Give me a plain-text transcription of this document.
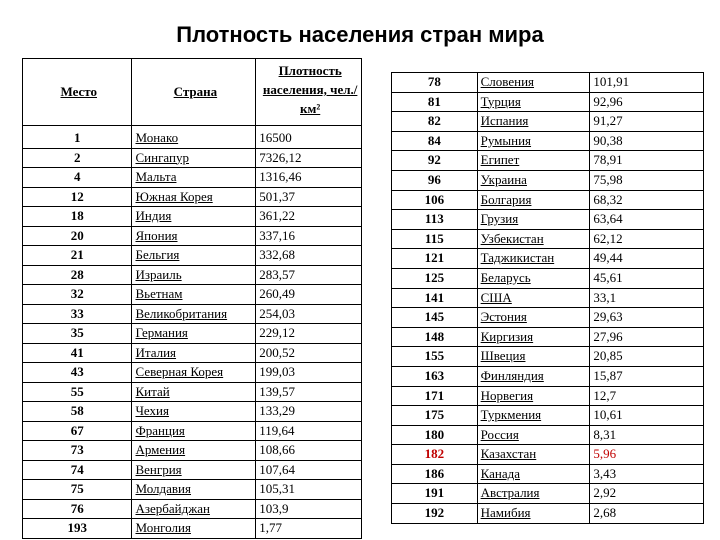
Плотность населения стран мира
Место	Страна	Плотность населения, чел./км²
1	Монако	16500
2	Сингапур	7326,12
4	Мальта	1316,46
12	Южная Корея	501,37
18	Индия	361,22
20	Япония	337,16
21	Бельгия	332,68
28	Израиль	283,57
32	Вьетнам	260,49
33	Великобритания	254,03
35	Германия	229,12
41	Италия	200,52
43	Северная Корея	199,03
55	Китай	139,57
58	Чехия	133,29
67	Франция	119,64
73	Армения	108,66
74	Венгрия	107,64
75	Молдавия	105,31
76	Азербайджан	103,9
193	Монголия	1,77
78	Словения	101,91
81	Турция	92,96
82	Испания	91,27
84	Румыния	90,38
92	Египет	78,91
96	Украина	75,98
106	Болгария	68,32
113	Грузия	63,64
115	Узбекистан	62,12
121	Таджикистан	49,44
125	Беларусь	45,61
141	США	33,1
145	Эстония	29,63
148	Киргизия	27,96
155	Швеция	20,85
163	Финляндия	15,87
171	Норвегия	12,7
175	Туркмения	10,61
180	Россия	8,31
182	Казахстан	5,96
186	Канада	3,43
191	Австралия	2,92
192	Намибия	2,68
